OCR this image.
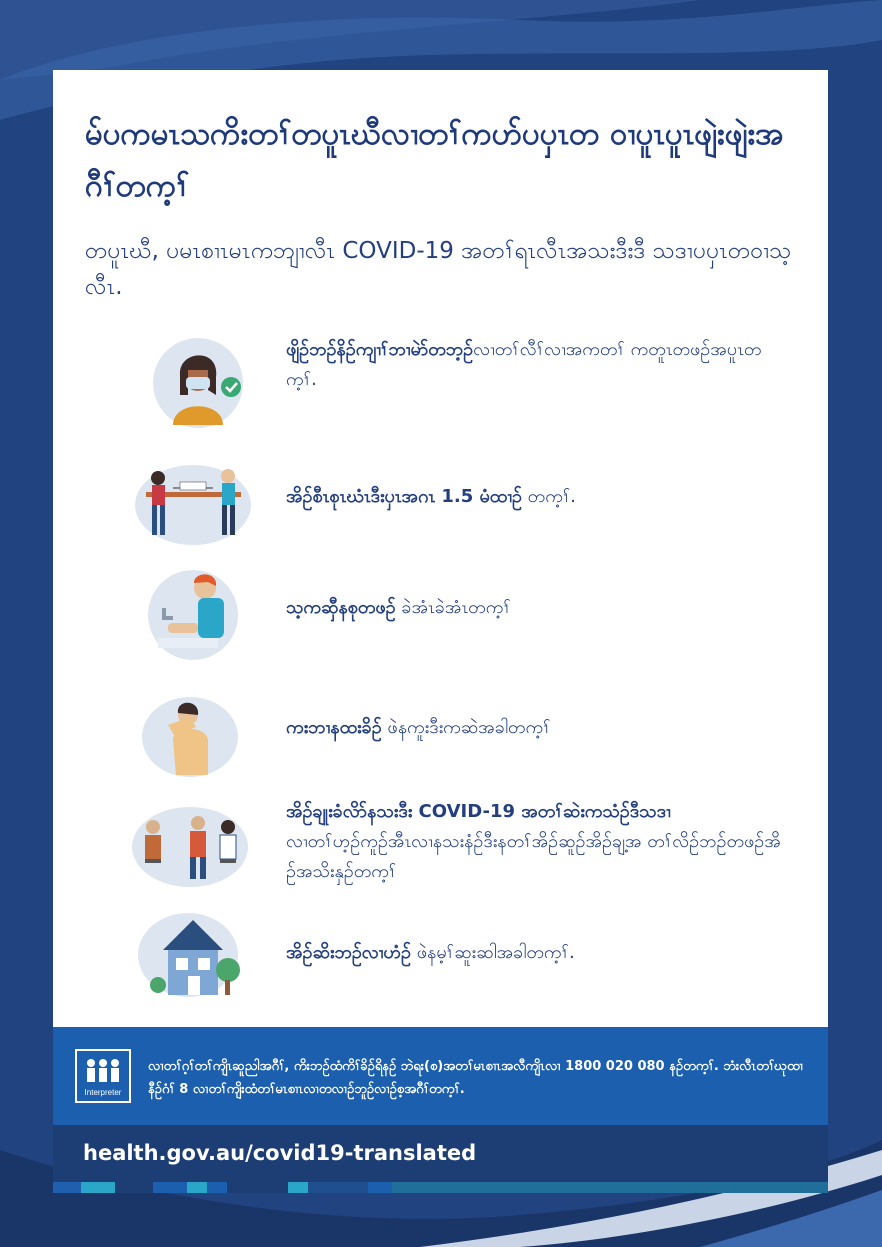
မ်ပကမၤသကိးတၢ်တပူၤဃီလၢတၢ်ကဟ်ပပှၤတ ဝၢပူၤပူၤဖျဲးဖျဲးအဂီၢ်တက့ၢ်

တပူၤဃီ, ပမၤစၢၤမၤကဘျၢလီၤ COVID-19 အတၢ်ရၤလီၤအသးဒီးဒီ သဒၢပပှၤတဝၢသ့လီၤ.

ဖျိဉ်ဘဉ်နိဉ်ကျၢၢ်ဘၢမဲာ်တဘ့ဉ်လၢတၢ်လီၢ်လၢအကတၢ် ကတူၤတဖဉ်အပူၤတက့ၢ်.
အိဉ်စီၤစုၤဃံၤဒီးပှၤအဂၤ 1.5 မံထၢဉ် တက့ၢ်.
သ့ကဆှီနစုတဖဉ် ခဲအံၤခဲအံၤတက့ၢ်
ကးဘၢနထးခိဉ် ဖဲနကူးဒီးကဆဲအခါတက့ၢ်
အိဉ်ချုးခံလိာ်နသးဒီး COVID-19 အတၢ်ဆဲးကသံဉ်ဒီသဒၢ
လၢတၢ်ဟ့ဉ်ကူဉ်အီၤလၢနသးနံဉ်ဒီးနတၢ်အိဉ်ဆူဉ်အိဉ်ချ့အ တၢ်လိဉ်ဘဉ်တဖဉ်အိဉ်အသိးနှဉ်တက့ၢ်
အိဉ်ဆိးဘဉ်လၢဟံဉ် ဖဲနမ့ၢ်ဆူးဆါအခါတက့ၢ်.
Interpreter
လၢတၢ်ဂ့ၢ်တၢ်ကျိၤဆူညါအဂီၢ်, ကိးဘဉ်ထံကိၢ်ခိဉ်ရိနဉ် ဘဲရး(စ)အတၢ်မၤစၢၤအလီကျိၤလၢ 1800 020 080 နဉ်တက့ၢ်. ဘံးလီၤတၢ်ဃုထၢ နီဉ်ဂံၢ် 8 လၢတၢ်ကျိးထံတၢ်မၤစၢၤလၢတလၢဉ်ဘူဉ်လၢဉ်စ့အဂီၢ်တက့ၢ်.
health.gov.au/covid19-translated
